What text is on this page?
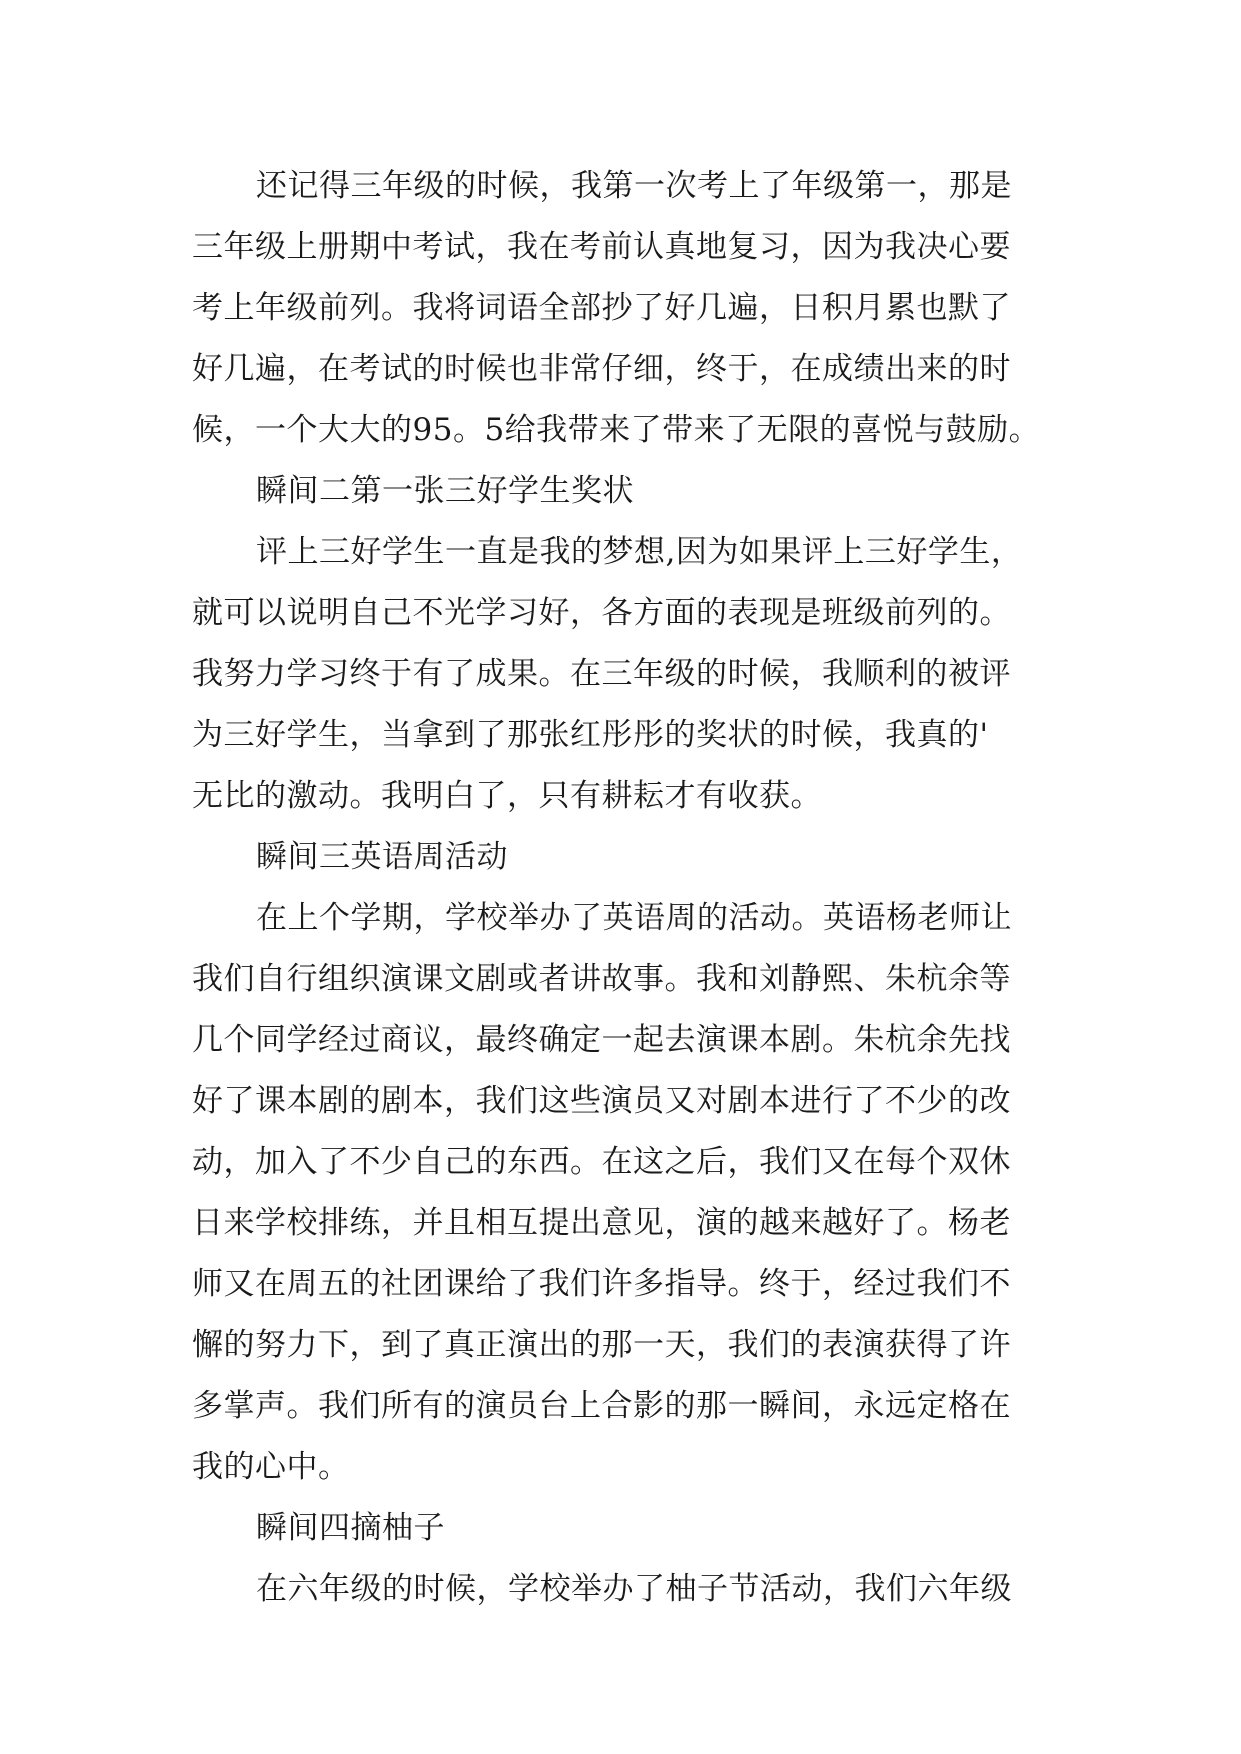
还记得三年级的时候，我第一次考上了年级第一，那是
三年级上册期中考试，我在考前认真地复习，因为我决心要
考上年级前列。我将词语全部抄了好几遍，日积月累也默了
好几遍，在考试的时候也非常仔细，终于，在成绩出来的时
候，一个大大的95。5给我带来了带来了无限的喜悦与鼓励。
瞬间二第一张三好学生奖状
评上三好学生一直是我的梦想,因为如果评上三好学生，
就可以说明自己不光学习好，各方面的表现是班级前列的。
我努力学习终于有了成果。在三年级的时候，我顺利的被评
为三好学生，当拿到了那张红彤彤的奖状的时候，我真的'
无比的激动。我明白了，只有耕耘才有收获。
瞬间三英语周活动
在上个学期，学校举办了英语周的活动。英语杨老师让
我们自行组织演课文剧或者讲故事。我和刘静熙、朱杭余等
几个同学经过商议，最终确定一起去演课本剧。朱杭余先找
好了课本剧的剧本，我们这些演员又对剧本进行了不少的改
动，加入了不少自己的东西。在这之后，我们又在每个双休
日来学校排练，并且相互提出意见，演的越来越好了。杨老
师又在周五的社团课给了我们许多指导。终于，经过我们不
懈的努力下，到了真正演出的那一天，我们的表演获得了许
多掌声。我们所有的演员台上合影的那一瞬间，永远定格在
我的心中。
瞬间四摘柚子
在六年级的时候，学校举办了柚子节活动，我们六年级
